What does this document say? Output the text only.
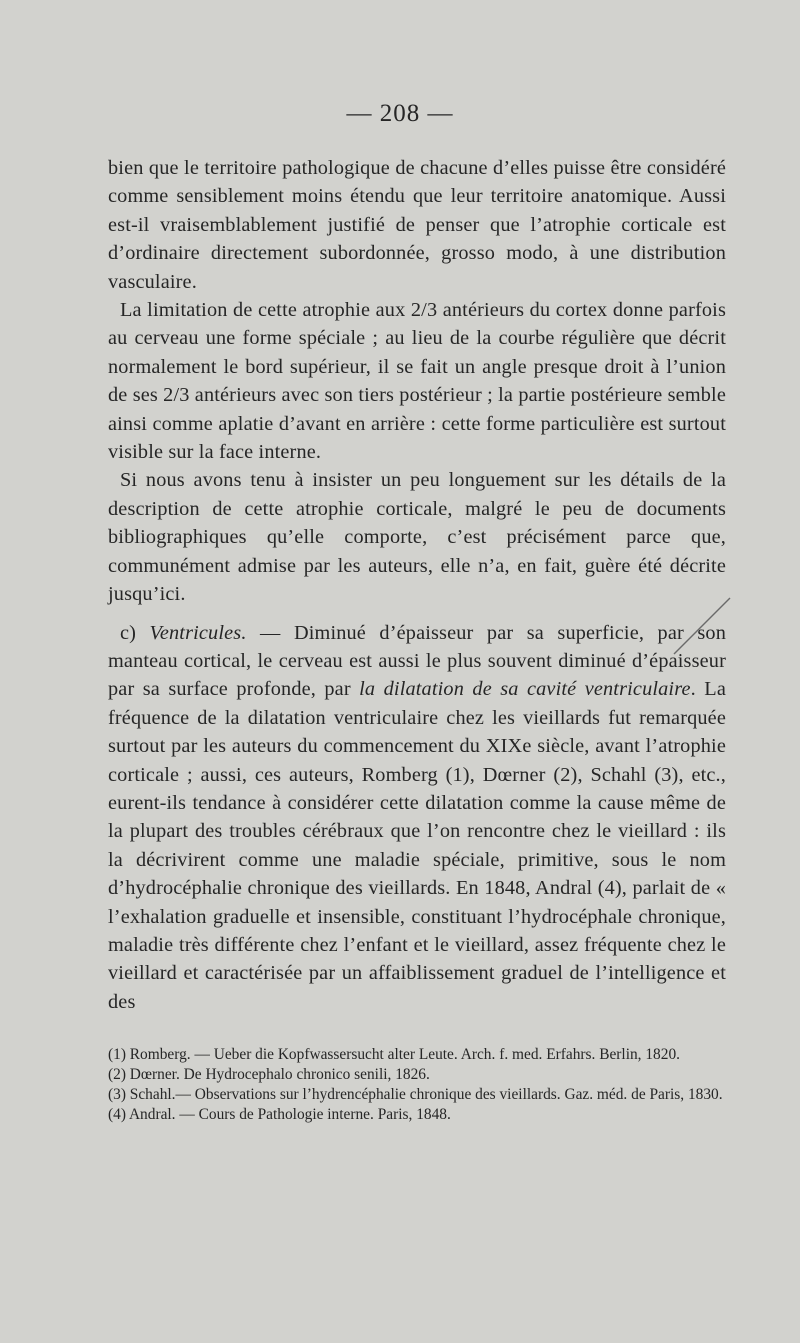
— 208 —

bien que le territoire pathologique de chacune d’elles puisse être considéré comme sensiblement moins étendu que leur territoire anatomique. Aussi est-il vraisemblablement justifié de penser que l’atrophie corticale est d’ordinaire directement subordonnée, grosso modo, à une distribution vasculaire.

La limitation de cette atrophie aux 2/3 antérieurs du cortex donne parfois au cerveau une forme spéciale ; au lieu de la courbe régulière que décrit normalement le bord supérieur, il se fait un angle presque droit à l’union de ses 2/3 antérieurs avec son tiers postérieur ; la partie postérieure semble ainsi comme aplatie d’avant en arrière : cette forme particulière est surtout visible sur la face interne.

Si nous avons tenu à insister un peu longuement sur les détails de la description de cette atrophie corticale, malgré le peu de documents bibliographiques qu’elle comporte, c’est précisément parce que, communément admise par les auteurs, elle n’a, en fait, guère été décrite jusqu’ici.

c) Ventricules. — Diminué d’épaisseur par sa superficie, par son manteau cortical, le cerveau est aussi le plus souvent diminué d’épaisseur par sa surface profonde, par la dilatation de sa cavité ventriculaire. La fréquence de la dilatation ventriculaire chez les vieillards fut remarquée surtout par les auteurs du commencement du XIXe siècle, avant l’atrophie corticale ; aussi, ces auteurs, Romberg (1), Dœrner (2), Schahl (3), etc., eurent-ils tendance à considérer cette dilatation comme la cause même de la plupart des troubles cérébraux que l’on rencontre chez le vieillard : ils la décrivirent comme une maladie spéciale, primitive, sous le nom d’hydrocéphalie chronique des vieillards. En 1848, Andral (4), parlait de « l’exhalation graduelle et insensible, constituant l’hydrocéphale chronique, maladie très différente chez l’enfant et le vieillard, assez fréquente chez le vieillard et caractérisée par un affaiblissement graduel de l’intelligence et des

(1) Romberg. — Ueber die Kopfwassersucht alter Leute. Arch. f. med. Erfahrs. Berlin, 1820.

(2) Dœrner. De Hydrocephalo chronico senili, 1826.

(3) Schahl.— Observations sur l’hydrencéphalie chronique des vieillards. Gaz. méd. de Paris, 1830.

(4) Andral. — Cours de Pathologie interne. Paris, 1848.
